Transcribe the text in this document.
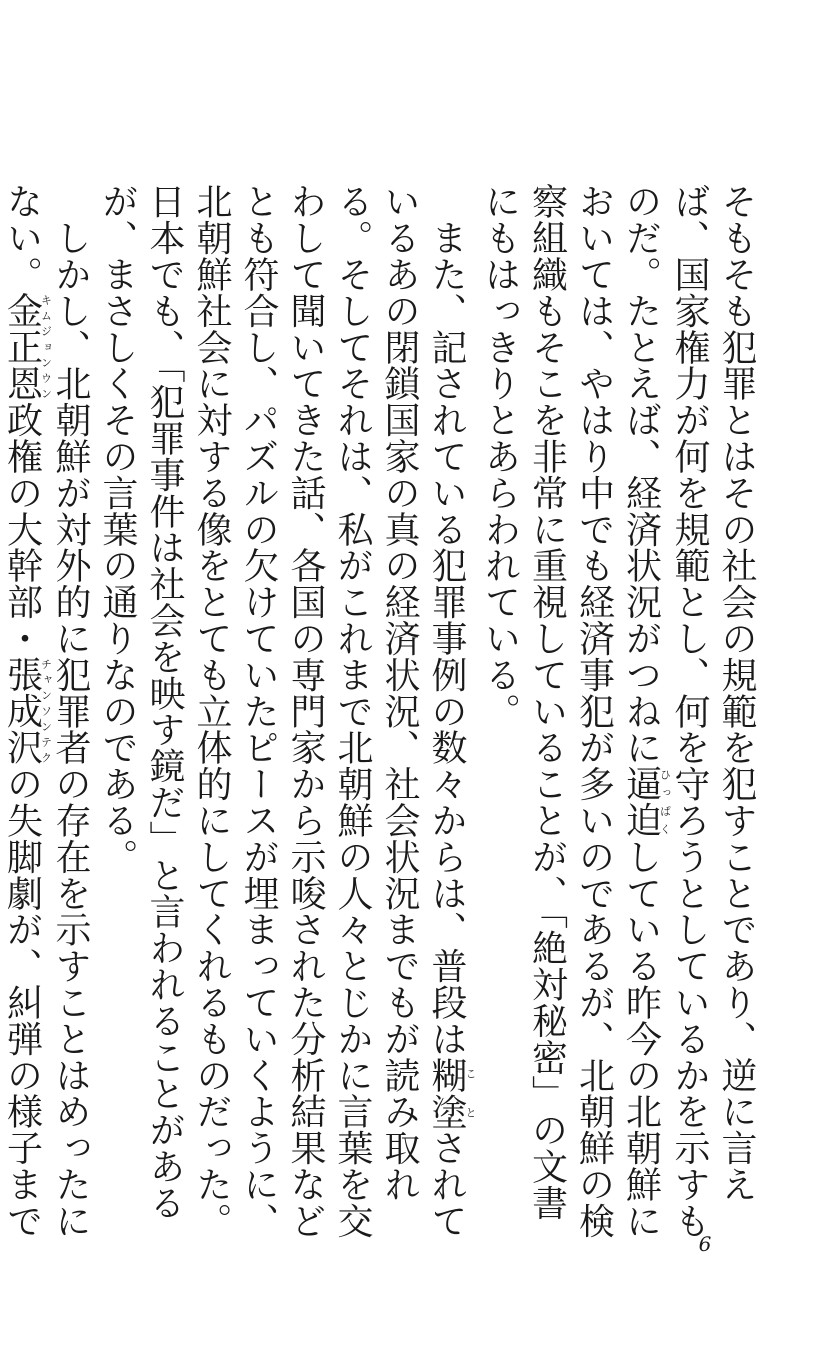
そもそも犯罪とはその社会の規範を犯すことであり、逆に言えば、国家権力が何を規範とし、何を守ろうとしているかを示すものだ。たとえば、経済状況がつねに逼迫ひっぱくしている昨今の北朝鮮においては、やはり中でも経済事犯が多いのであるが、北朝鮮の検察組織もそこを非常に重視していることが、「絶対秘密」の文書にもはっきりとあらわれている。

　また、記されている犯罪事例の数々からは、普段は糊塗ことされているあの閉鎖国家の真の経済状況、社会状況までもが読み取れる。そしてそれは、私がこれまで北朝鮮の人々とじかに言葉を交わして聞いてきた話、各国の専門家から示唆された分析結果などとも符合し、パズルの欠けていたピースが埋まっていくように、北朝鮮社会に対する像をとても立体的にしてくれるものだった。日本でも、「犯罪事件は社会を映す鏡だ」と言われることがあるが、まさしくその言葉の通りなのである。

　しかし、北朝鮮が対外的に犯罪者の存在を示すことはめったにない。金正恩キムジョンウン政権の大幹部・張成沢チャンソンテクの失脚劇が、糾弾の様子まで

6
